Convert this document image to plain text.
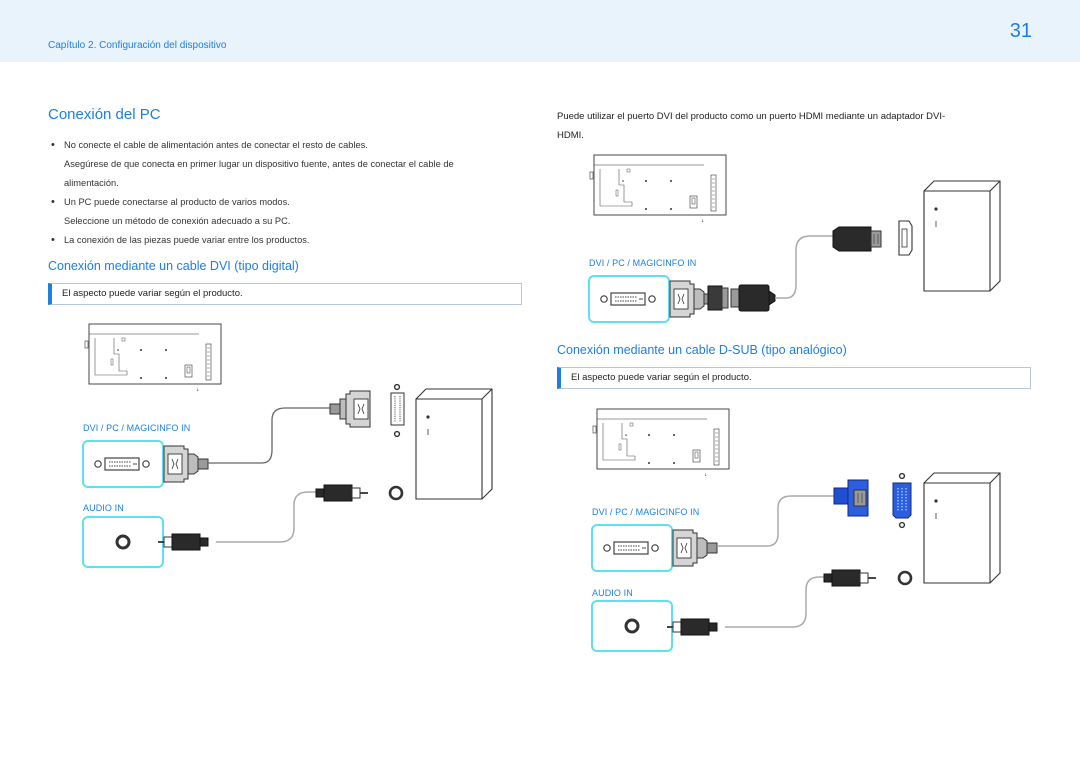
Capítulo 2. Configuración del dispositivo
31
Conexión del PC
• No conecte el cable de alimentación antes de conectar el resto de cables.
Asegúrese de que conecta en primer lugar un dispositivo fuente, antes de conectar el cable de
alimentación.
• Un PC puede conectarse al producto de varios modos.
Seleccione un método de conexión adecuado a su PC.
• La conexión de las piezas puede variar entre los productos.
Conexión mediante un cable DVI (tipo digital)
El aspecto puede variar según el producto.
Puede utilizar el puerto DVI del producto como un puerto HDMI mediante un adaptador DVI-
HDMI.
Conexión mediante un cable D-SUB (tipo analógico)
El aspecto puede variar según el producto.
DVI / PC / MAGICINFO IN
AUDIO IN
DVI / PC / MAGICINFO IN
DVI / PC / MAGICINFO IN
AUDIO IN
↓
